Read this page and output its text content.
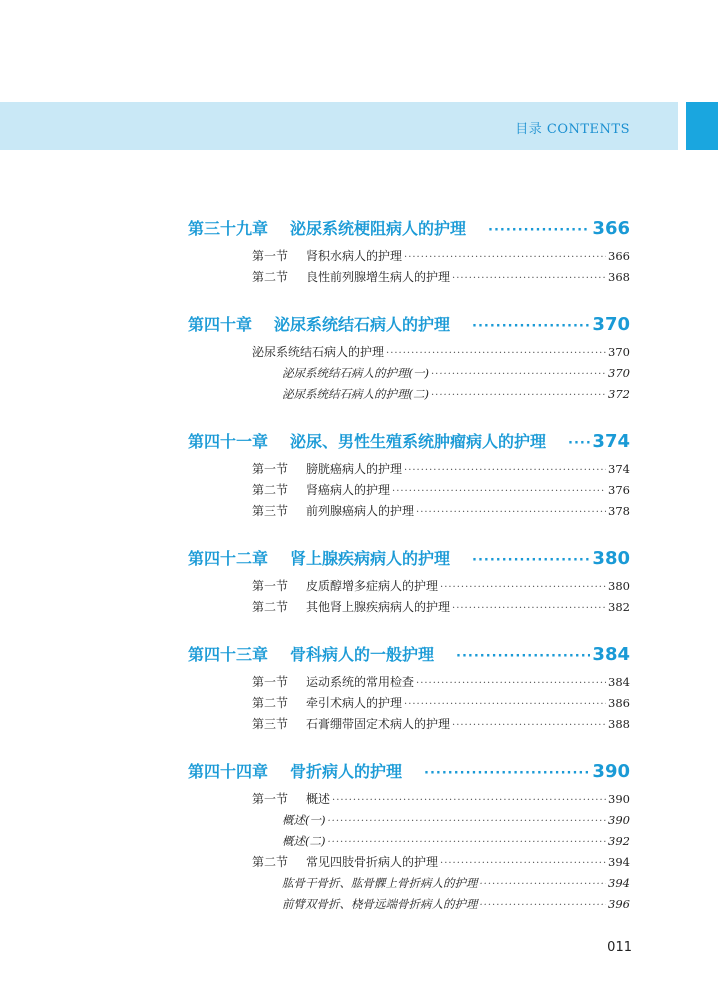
目录 CONTENTS
第三十九章 泌尿系统梗阻病人的护理 ·····	366
第一节 肾积水病人的护理 ·····	366
第二节 良性前列腺增生病人的护理 ·····	368
第四十章 泌尿系统结石病人的护理 ·····	370
泌尿系统结石病人的护理 ·····	370
泌尿系统结石病人的护理(一) ·····	370
泌尿系统结石病人的护理(二) ·····	372
第四十一章 泌尿、男性生殖系统肿瘤病人的护理 ·····	374
第一节 膀胱癌病人的护理 ·····	374
第二节 肾癌病人的护理 ·····	376
第三节 前列腺癌病人的护理 ·····	378
第四十二章 肾上腺疾病病人的护理 ·····	380
第一节 皮质醇增多症病人的护理 ·····	380
第二节 其他肾上腺疾病病人的护理 ·····	382
第四十三章 骨科病人的一般护理 ·····	384
第一节 运动系统的常用检查 ·····	384
第二节 牵引术病人的护理 ·····	386
第三节 石膏绷带固定术病人的护理 ·····	388
第四十四章 骨折病人的护理 ·····	390
第一节 概述 ·····	390
概述(一) ·····	390
概述(二) ·····	392
第二节 常见四肢骨折病人的护理 ·····	394
肱骨干骨折、肱骨髁上骨折病人的护理 ·····	394
前臂双骨折、桡骨远端骨折病人的护理 ·····	396
011
